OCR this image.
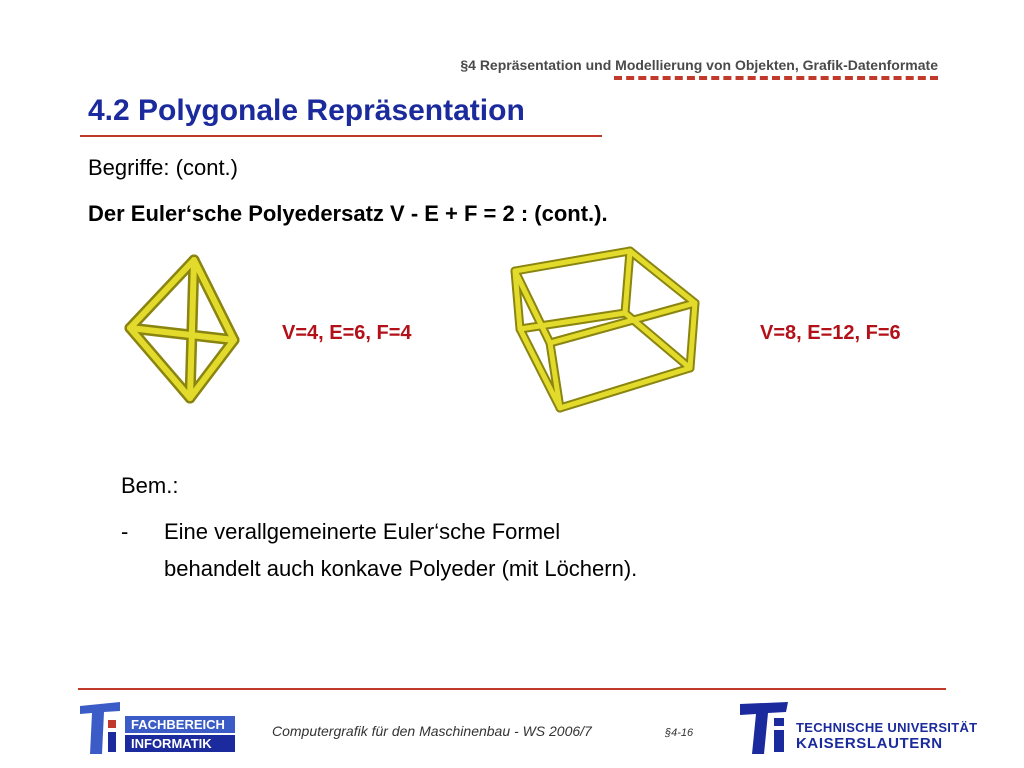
§4 Repräsentation und Modellierung von Objekten, Grafik-Datenformate
4.2 Polygonale Repräsentation
Begriffe: (cont.)
Der Euler‘sche Polyedersatz V - E + F = 2 : (cont.).
V=4, E=6, F=4	V=8, E=12, F=6
Bem.:
- Eine verallgemeinerte Euler‘sche Formel
behandelt auch konkave Polyeder (mit Löchern).
FACHBEREICH
INFORMATIK
Computergrafik für den Maschinenbau - WS 2006/7	§4-16	TECHNISCHE UNIVERSITÄT
KAISERSLAUTERN
